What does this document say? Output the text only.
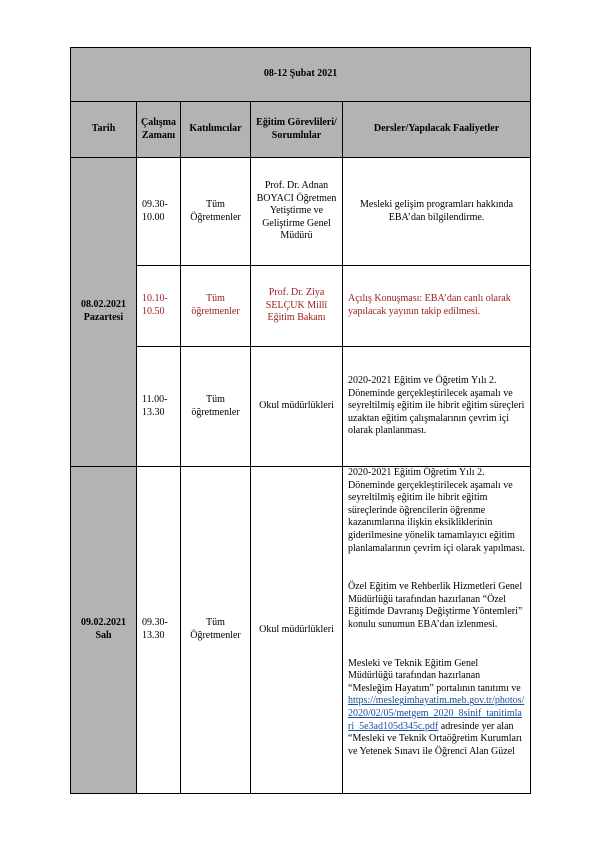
08-12 Şubat 2021				
Tarih	Çalışma Zamanı	Katılımcılar	Eğitim Görevlileri/ Sorumlular	Dersler/Yapılacak Faaliyetler

08.02.2021
Pazartesi	09.30-10.00	Tüm Öğretmenler	Prof. Dr. Adnan BOYACI Öğretmen Yetiştirme ve Geliştirme Genel Müdürü	Mesleki gelişim programları hakkında EBA’dan bilgilendirme.
	10.10-10.50	Tüm öğretmenler	Prof. Dr. Ziya SELÇUK Millî Eğitim Bakanı	Açılış Konuşması: EBA’dan canlı olarak yapılacak yayının takip edilmesi.
	11.00-13.30	Tüm öğretmenler	Okul müdürlükleri	2020-2021 Eğitim ve Öğretim Yılı 2. Döneminde gerçekleştirilecek aşamalı ve seyreltilmiş eğitim ile hibrit eğitim süreçleri uzaktan eğitim çalışmalarının çevrim içi olarak planlanması.

09.02.2021
Salı	09.30-13.30	Tüm Öğretmenler	Okul müdürlükleri	2020-2021 Eğitim Öğretim Yılı 2. Döneminde gerçekleştirilecek aşamalı ve seyreltilmiş eğitim ile hibrit eğitim süreçlerinde öğrencilerin öğrenme kazanımlarına ilişkin eksikliklerinin giderilmesine yönelik tamamlayıcı eğitim planlamalarının çevrim içi olarak yapılması.
Özel Eğitim ve Rehberlik Hizmetleri Genel Müdürlüğü tarafından hazırlanan “Özel Eğitimde Davranış Değiştirme Yöntemleri” konulu sunumun EBA’dan izlenmesi.
Mesleki ve Teknik Eğitim Genel Müdürlüğü tarafından hazırlanan “Mesleğim Hayatım” portalının tanıtımı ve https://meslegimhayatim.meb.gov.tr/photos/2020/02/05/metgem_2020_8sinif_tanitimlari_5e3ad105d345c.pdf adresinde yer alan “Mesleki ve Teknik Ortaöğretim Kurumları ve Yetenek Sınavı ile Öğrenci Alan Güzel
